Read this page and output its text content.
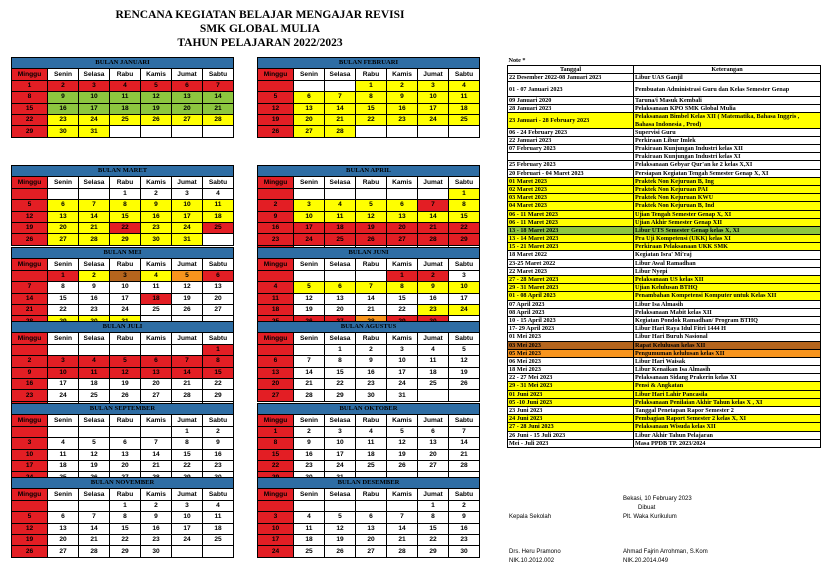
RENCANA KEGIATAN BELAJAR MENGAJAR REVISI
SMK GLOBAL MULIA
TAHUN PELAJARAN 2022/2023
BULAN JANUARI						
Minggu	Senin	Selasa	Rabu	Kamis	Jumat	Sabtu
1	2	3	4	5	6	7
8	9	10	11	12	13	14
15	16	17	18	19	20	21
22	23	24	25	26	27	28
29	30	31				
BULAN FEBRUARI						
Minggu	Senin	Selasa	Rabu	Kamis	Jumat	Sabtu
			1	2	3	4
5	6	7	8	9	10	11
12	13	14	15	16	17	18
19	20	21	22	23	24	25
26	27	28				
BULAN MARET						
Minggu	Senin	Selasa	Rabu	Kamis	Jumat	Sabtu
			1	2	3	4
5	6	7	8	9	10	11
12	13	14	15	16	17	18
19	20	21	22	23	24	25
26	27	28	29	30	31	
BULAN APRIL						
Minggu	Senin	Selasa	Rabu	Kamis	Jumat	Sabtu
						1
2	3	4	5	6	7	8
9	10	11	12	13	14	15
16	17	18	19	20	21	22
23	24	25	26	27	28	29

BULAN MEI						
Minggu	Senin	Selasa	Rabu	Kamis	Jumat	Sabtu
	1	2	3	4	5	6
7	8	9	10	11	12	13
14	15	16	17	18	19	20
21	22	23	24	25	26	27

BULAN JUNI						
Minggu	Senin	Selasa	Rabu	Kamis	Jumat	Sabtu
				1	2	3
4	5	6	7	8	9	10
11	12	13	14	15	16	17
18	19	20	21	22	23	24

BULAN JULI						
Minggu	Senin	Selasa	Rabu	Kamis	Jumat	Sabtu
						1
2	3	4	5	6	7	8
9	10	11	12	13	14	15
16	17	18	19	20	21	22
23	24	25	26	27	28	29

BULAN AGUSTUS						
Minggu	Senin	Selasa	Rabu	Kamis	Jumat	Sabtu
		1	2	3	4	5
6	7	8	9	10	11	12
13	14	15	16	17	18	19
20	21	22	23	24	25	26
27	28	29	30	31		
BULAN SEPTEMBER						
Minggu	Senin	Selasa	Rabu	Kamis	Jumat	Sabtu
					1	2
3	4	5	6	7	8	9
10	11	12	13	14	15	16
17	18	19	20	21	22	23

BULAN OKTOBER						
Minggu	Senin	Selasa	Rabu	Kamis	Jumat	Sabtu
1	2	3	4	5	6	7
8	9	10	11	12	13	14
15	16	17	18	19	20	21
22	23	24	25	26	27	28

BULAN NOVEMBER						
Minggu	Senin	Selasa	Rabu	Kamis	Jumat	Sabtu
			1	2	3	4
5	6	7	8	9	10	11
12	13	14	15	16	17	18
19	20	21	22	23	24	25
26	27	28	29	30		
BULAN DESEMBER						
Minggu	Senin	Selasa	Rabu	Kamis	Jumat	Sabtu
					1	2
3	4	5	6	7	8	9
10	11	12	13	14	15	16
17	18	19	20	21	22	23
24	25	26	27	28	29	30
Note *	
Tanggal	Keterangan
22 Desember 2022-08 Januari 2023	Libur UAS Ganjil
01 - 07 Januari 2023	Pembuatan Administrasi Guru dan Kelas Semester Genap
09 Januari 2020	Taruna/i Masuk Kembali
28 Januari 2023	Pelaksanaan KPO SMK Global Mulia
23 Januari - 28 February 2023	Pelaksanaan Bimbel Kelas XII ( Matematika, Bahasa Inggris , Bahasa Indonesia , Prod)
06 - 24 February 2023	Supervisi Guru
22 Januari 2023	Perkiraan Libur Imlek
07 February 2023	Prakiraan Kunjungan Industri kelas XII
	Prakiraan Kunjungan Industri kelas XI
25 February 2023	Pelaksanaan Gebyar Qur'an ke 2 kelas X,XI
20 Februari - 04 Maret 2023	Persiapan Kegiatan Tengah Semester Genap X, XI
01 Maret 2023	Praktek Non Kejuruan B, Ing
02 Maret 2023	Praktek Non Kejuruan PAI
03 Maret 2023	Praktek Non Kejuruan KWU
04 Maret 2023	Praktek Non Kejuruan B, Ind
06 - 11 Maret 2023	Ujian Tengah Semester Genap X, XI
06 - 11 Maret 2023	Ujian Akhir Semester Genap XII
13 - 18 Maret 2023	Libur UTS Semester Genap kelas X, XI
13 - 14 Maret 2023	Pra Uji Kompetensi (UKK) kelas XI
15 - 21 Maret 2023	Perkiraan Pelaksanaan UKK SMK
18 Maret 2022	Kegiatan Isra' Mi'raj
23-25 Maret 2022	Libur Awal Ramadhan
22 Maret 2023	Libur Nyepi
27 - 28 Maret 2023	Pelaksanaan US kelas XII
29 - 31 Maret 2023	Ujian Kelulusan BTHQ
01 - 08 April 2023	Penambahan Kompetensi Komputer untuk Kelas XII
07 April 2023	Libur Isa Almasih
08 April 2023	Pelaksanaan Mabit kelas XII
10 - 15 April 2023	Kegiatan Pondok Ramadhan/ Program BTHQ
17- 29 April 2023	Libur Hari Raya Idul Fitri 1444 H
01 Mei 2023	Libur Hari Buruh Nasional
03 Mei 2023	Rapat Kelulusan kelas XII
05 Mei 2023	Pengumuman kelulusan kelas XII
06 Mei 2023	Libur Hari Waisak
18 Mei 2023	Libur Kenaikan Isa Almasih
22 - 27 Mei 2023	Pelaksanaan Sidang Prakerin kelas XI
29 - 31 Mei 2023	Pensi & Angkatan
01 Juni 2023	Libur Hari Lahir Pancasila
05 -10 Juni 2023	Pelaksanaan Penilaian Akhir Tahun kelas X , XI
23 Juni 2023	Tanggal Penetapan Rapor Semester 2
24 Juni 2023	Pembagian Raport Semester 2 kelas X, XI
27 - 28 Juni 2023	Pelaksanaan Wisuda kelas XII
26 Juni - 15 Juli 2023	Libur Akhir Tahun Pelajaran
Mei - Juli 2023	Masa PPDB TP. 2023/2024
Bekasi, 10 February 2023
Dibuat
Kepala Sekolah	Plt. Waka Kurikulum
Drs. Heru Pramono
NIK.10.2012.002
Ahmad Fajrin Arrohman, S.Kom
NIK.20.2014.049
